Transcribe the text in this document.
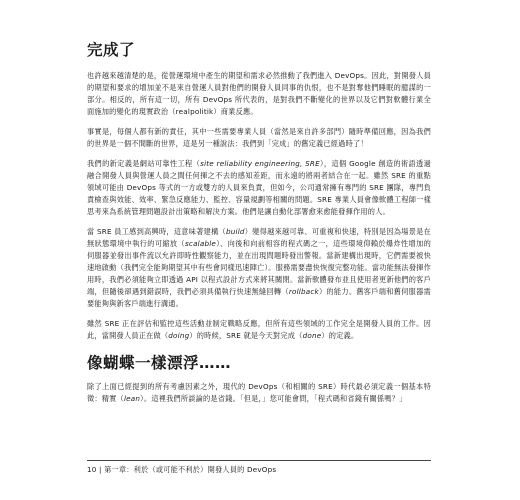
完成了

也許越來越清楚的是，從營運環境中產生的期望和需求必然推動了我們進入 DevOps。因此，對開發人員的期望和要求的增加並不是來自營運人員對他們的開發人員同事的仇恨，也不是對奪他們睡眠的臆謀的一部分。相反的，所有這一切，所有 DevOps 所代表的，是對我們不斷變化的世界以及它們對軟體行業全面施加的變化的現實政治（realpolitik）商業反應。

事實是，每個人都有新的責任，其中一些需要專業人員（當然是來自許多部門）隨時準備回應，因為我們的世界是一個不間斷的世界，這是另一種說法：我們到「完成」的舊定義已經過時了！

我們的新定義是網站可靠性工程（site reliability engineering, SRE），這個 Google 創造的術語透過融合開發人員與營運人員之間任何揮之不去的感知差距，而永遠的將兩者結合在一起。雖然 SRE 的重點領域可能由 DevOps 等式的一方或雙方的人員來負責，但如今，公司通常擁有專門的 SRE 團隊，專門負責檢查與效能、效率、緊急反應能力、監控、容量規劃等相關的問題。SRE 專業人員會像軟體工程師一樣思考來為系統管理問題設計出策略和解決方案。他們是讓自動化部署愈來愈能發揮作用的人。

當 SRE 員工感到高興時，這意味著建構（build）變得越來越可靠、可重複和快速，特別是因為場景是在無狀態環境中執行的可縮放（scalable）、向後和向前相容的程式碼之一，這些環境仰賴於爆炸性增加的伺服器並發出事件流以允許即時性觀察能力，並在出現問題時發出警報。當新建構出現時，它們需要被快速地啟動（我們完全能夠期望其中有些會同樣迅速陣亡）。服務需要盡快恢復完整功能。當功能無法發揮作用時，我們必須能夠立即透過 API 以程式設計方式來將其關閉。當新軟體發布並且使用者更新他們的客戶端，但隨後卻遇到錯誤時，我們必須具備執行快速無縫回轉（rollback）的能力。舊客戶端和舊伺服器需要能夠與新客戶端進行溝通。

雖然 SRE 正在評估和監控這些活動並制定戰略反應，但所有這些領域的工作完全是開發人員的工作。因此，當開發人員正在做（doing）的時候，SRE 就是今天對完成（done）的定義。

像蝴蝶一樣漂浮……

除了上面已經提到的所有考慮因素之外，現代的 DevOps（和相關的 SRE）時代最必須定義一個基本特徵：精實（lean）。這裡我們所談論的是省錢。「但是，」您可能會問，「程式碼和省錢有關係嗎？」

10 | 第一章：利於（或可能不利於）開發人員的 DevOps
